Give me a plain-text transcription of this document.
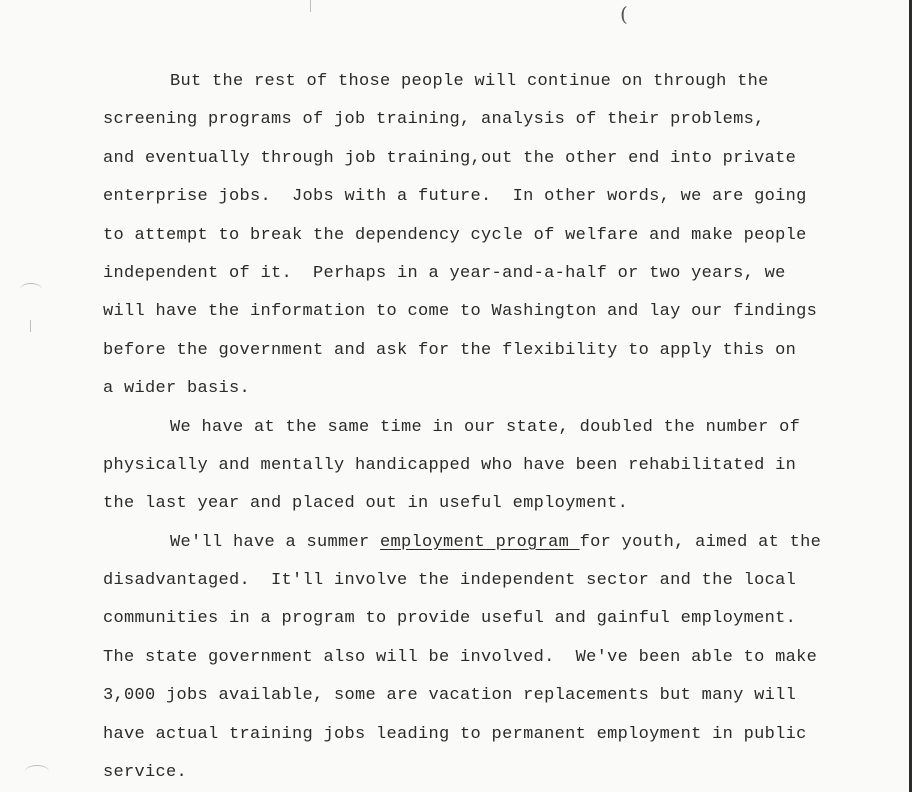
(
But the rest of those people will continue on through the
screening programs of job training, analysis of their problems,
and eventually through job training,out the other end into private
enterprise jobs.  Jobs with a future.  In other words, we are going
to attempt to break the dependency cycle of welfare and make people
independent of it.  Perhaps in a year-and-a-half or two years, we
will have the information to come to Washington and lay our findings
before the government and ask for the flexibility to apply this on
a wider basis.
We have at the same time in our state, doubled the number of
physically and mentally handicapped who have been rehabilitated in
the last year and placed out in useful employment.
We'll have a summer employment program for youth, aimed at the
disadvantaged.  It'll involve the independent sector and the local
communities in a program to provide useful and gainful employment.
The state government also will be involved.  We've been able to make
3,000 jobs available, some are vacation replacements but many will
have actual training jobs leading to permanent employment in public
service.
